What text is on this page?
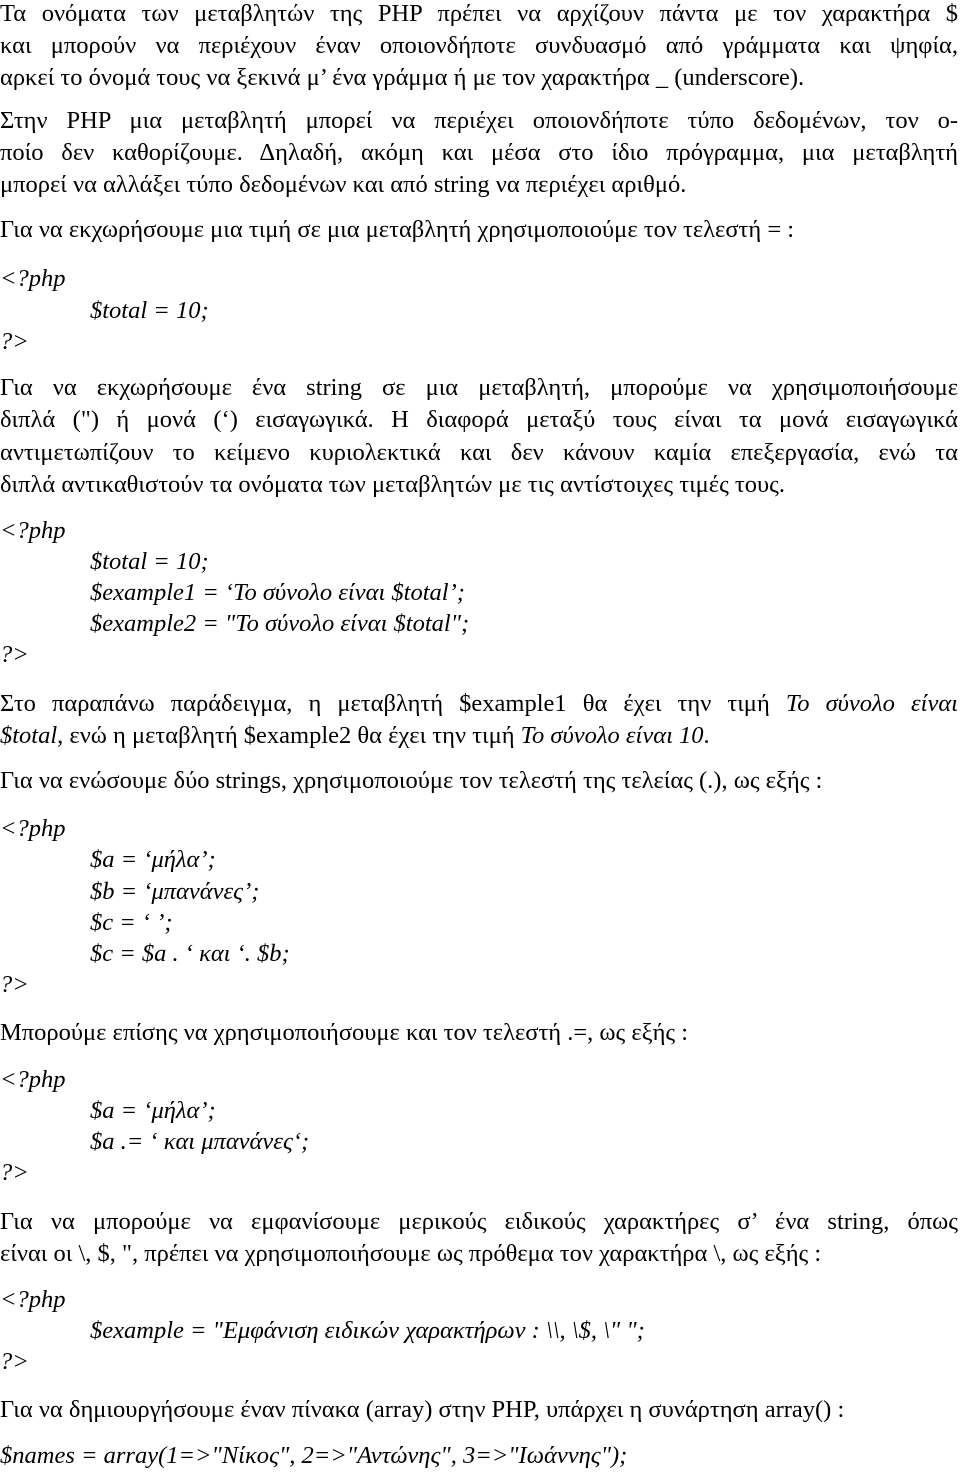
Τα ονόματα των μεταβλητών της PHP πρέπει να αρχίζουν πάντα με τον χαρακτήρα $
και μπορούν να περιέχουν έναν οποιονδήποτε συνδυασμό από γράμματα και ψηφία,
αρκεί το όνομά τους να ξεκινά μ’ ένα γράμμα ή με τον χαρακτήρα _ (underscore).
Στην PHP μια μεταβλητή μπορεί να περιέχει οποιονδήποτε τύπο δεδομένων, τον ο-
ποίο δεν καθορίζουμε. Δηλαδή, ακόμη και μέσα στο ίδιο πρόγραμμα, μια μεταβλητή
μπορεί να αλλάξει τύπο δεδομένων και από string να περιέχει αριθμό.
Για να εκχωρήσουμε μια τιμή σε μια μεταβλητή χρησιμοποιούμε τον τελεστή = :
<?php
$total = 10;
?>
Για να εκχωρήσουμε ένα string σε μια μεταβλητή, μπορούμε να χρησιμοποιήσουμε
διπλά (") ή μονά (‘) εισαγωγικά. Η διαφορά μεταξύ τους είναι τα μονά εισαγωγικά
αντιμετωπίζουν το κείμενο κυριολεκτικά και δεν κάνουν καμία επεξεργασία, ενώ τα
διπλά αντικαθιστούν τα ονόματα των μεταβλητών με τις αντίστοιχες τιμές τους.
<?php
$total = 10;
$example1 = ‘Το σύνολο είναι $total’;
$example2 = "Το σύνολο είναι $total";
?>
Στο παραπάνω παράδειγμα, η μεταβλητή $example1 θα έχει την τιμή Το σύνολο είναι
$total, ενώ η μεταβλητή $example2 θα έχει την τιμή Το σύνολο είναι 10.
Για να ενώσουμε δύο strings, χρησιμοποιούμε τον τελεστή της τελείας (.), ως εξής :
<?php
$a = ‘μήλα’;
$b = ‘μπανάνες’;
$c = ‘ ’;
$c = $a . ‘ και ‘. $b;
?>
Μπορούμε επίσης να χρησιμοποιήσουμε και τον τελεστή .=, ως εξής :
<?php
$a = ‘μήλα’;
$a .= ‘ και μπανάνες‘;
?>
Για να μπορούμε να εμφανίσουμε μερικούς ειδικούς χαρακτήρες σ’ ένα string, όπως
είναι οι \, $, ", πρέπει να χρησιμοποιήσουμε ως πρόθεμα τον χαρακτήρα \, ως εξής :
<?php
$example = "Εμφάνιση ειδικών χαρακτήρων : \\, \$, \" ";
?>
Για να δημιουργήσουμε έναν πίνακα (array) στην PHP, υπάρχει η συνάρτηση array() :
$names = array(1=>"Νίκος", 2=>"Αντώνης", 3=>"Ιωάννης");
